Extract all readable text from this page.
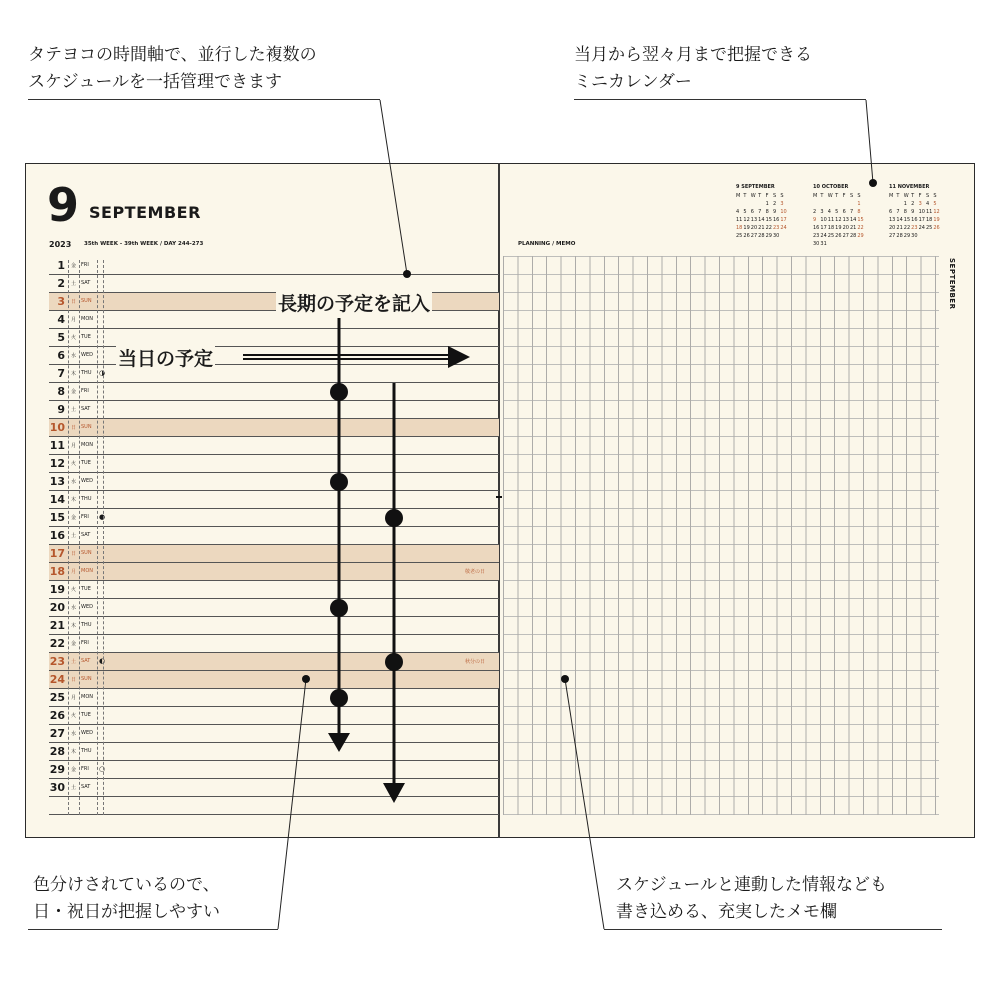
タテヨコの時間軸で、並行した複数の
スケジュールを一括管理できます
当月から翌々月まで把握できる
ミニカレンダー
色分けされているので、
日・祝日が把握しやすい
スケジュールと連動した情報なども
書き込める、充実したメモ欄
9 SEPTEMBER
2023 35th WEEK - 39th WEEK / DAY 244-273
1 金 FRI
2 土 SAT
3 日 SUN
4 月 MON
5 火 TUE
6 水 WED
7 木 THU ◑
8 金 FRI
9 土 SAT
10 日 SUN
11 月 MON
12 火 TUE
13 水 WED
14 木 THU
15 金 FRI ●
16 土 SAT
17 日 SUN
18 月 MON	敬老の日
19 火 TUE
20 水 WED
21 木 THU
22 金 FRI
23 土 SAT ◐	秋分の日
24 日 SUN
25 月 MON
26 火 TUE
27 水 WED
28 木 THU
29 金 FRI ○
30 土 SAT
PLANNING / MEMO
SEPTEMBER
9 SEPTEMBER
M	T	W	T	F	S	S
				1	2	3
4	5	6	7	8	9	10
11	12	13	14	15	16	17
18	19	20	21	22	23	24
25	26	27	28	29	30	
10 OCTOBER
M	T	W	T	F	S	S
						1
2	3	4	5	6	7	8
9	10	11	12	13	14	15
16	17	18	19	20	21	22
23	24	25	26	27	28	29
30	31					
11 NOVEMBER
M	T	W	T	F	S	S
		1	2	3	4	5
6	7	8	9	10	11	12
13	14	15	16	17	18	19
20	21	22	23	24	25	26
27	28	29	30			
長期の予定を記入
当日の予定
